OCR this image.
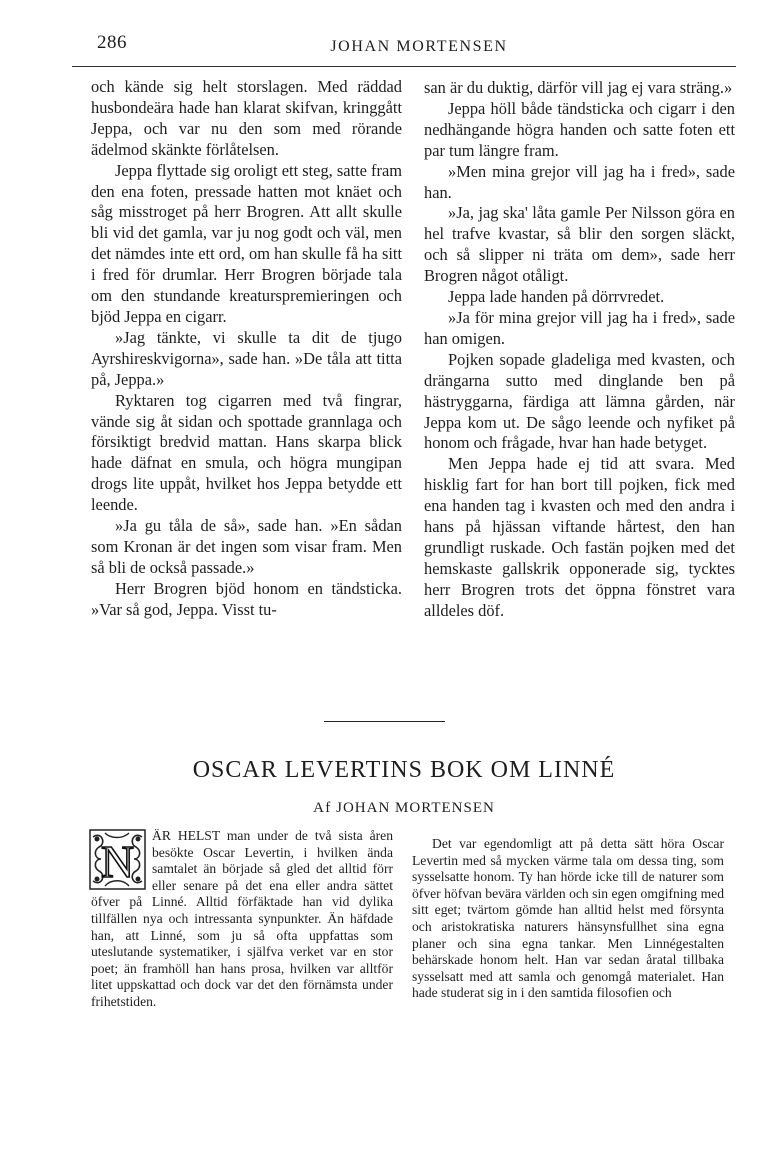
286	JOHAN MORTENSEN

och kände sig helt storslagen. Med räddad husbondeära hade han klarat skifvan, kringgått Jeppa, och var nu den som med rörande ädelmod skänkte förlåtelsen.

Jeppa flyttade sig oroligt ett steg, satte fram den ena foten, pressade hatten mot knäet och såg misstroget på herr Brogren. Att allt skulle bli vid det gamla, var ju nog godt och väl, men det nämdes inte ett ord, om han skulle få ha sitt i fred för drumlar. Herr Brogren började tala om den stundande kreaturspremieringen och bjöd Jeppa en cigarr.

»Jag tänkte, vi skulle ta dit de tjugo Ayrshireskvigorna», sade han. »De tåla att titta på, Jeppa.»

Ryktaren tog cigarren med två fingrar, vände sig åt sidan och spottade grannlaga och försiktigt bredvid mattan. Hans skarpa blick hade däfnat en smula, och högra mungipan drogs lite uppåt, hvilket hos Jeppa betydde ett leende.

»Ja gu tåla de så», sade han. »En sådan som Kronan är det ingen som visar fram. Men så bli de också passade.»

Herr Brogren bjöd honom en tändsticka. »Var så god, Jeppa. Visst tu-

san är du duktig, därför vill jag ej vara sträng.»

Jeppa höll både tändsticka och cigarr i den nedhängande högra handen och satte foten ett par tum längre fram.

»Men mina grejor vill jag ha i fred», sade han.

»Ja, jag ska' låta gamle Per Nilsson göra en hel trafve kvastar, så blir den sorgen släckt, och så slipper ni träta om dem», sade herr Brogren något otåligt.

Jeppa lade handen på dörrvredet.

»Ja för mina grejor vill jag ha i fred», sade han omigen.

Pojken sopade gladeliga med kvasten, och drängarna sutto med dinglande ben på hästryggarna, färdiga att lämna gården, när Jeppa kom ut. De sågo leende och nyfiket på honom och frågade, hvar han hade betyget.

Men Jeppa hade ej tid att svara. Med hisklig fart for han bort till pojken, fick med ena handen tag i kvasten och med den andra i hans på hjässan viftande hårtest, den han grundligt ruskade. Och fastän pojken med det hemskaste gallskrik opponerade sig, tycktes herr Brogren trots det öppna fönstret vara alldeles döf.

OSCAR LEVERTINS BOK OM LINNÉ
Af JOHAN MORTENSEN
N

ÄR HELST man under de två sista åren besökte Oscar Levertin, i hvilken ända samtalet än började så gled det alltid förr eller senare på det ena eller andra sättet öfver på Linné. Alltid förfäktade han vid dylika tillfällen nya och intressanta synpunkter. Än häfdade han, att Linné, som ju så ofta uppfattas som uteslutande systematiker, i själfva verket var en stor poet; än framhöll han hans prosa, hvilken var alltför litet uppskattad och dock var det den förnämsta under frihetstiden.

Det var egendomligt att på detta sätt höra Oscar Levertin med så mycken värme tala om dessa ting, som sysselsatte honom. Ty han hörde icke till de naturer som öfver höfvan bevära världen och sin egen omgifning med sitt eget; tvärtom gömde han alltid helst med försynta och aristokratiska naturers hänsynsfullhet sina egna planer och sina egna tankar. Men Linnégestalten behärskade honom helt. Han var sedan åratal tillbaka sysselsatt med att samla och genomgå materialet. Han hade studerat sig in i den samtida filosofien och
